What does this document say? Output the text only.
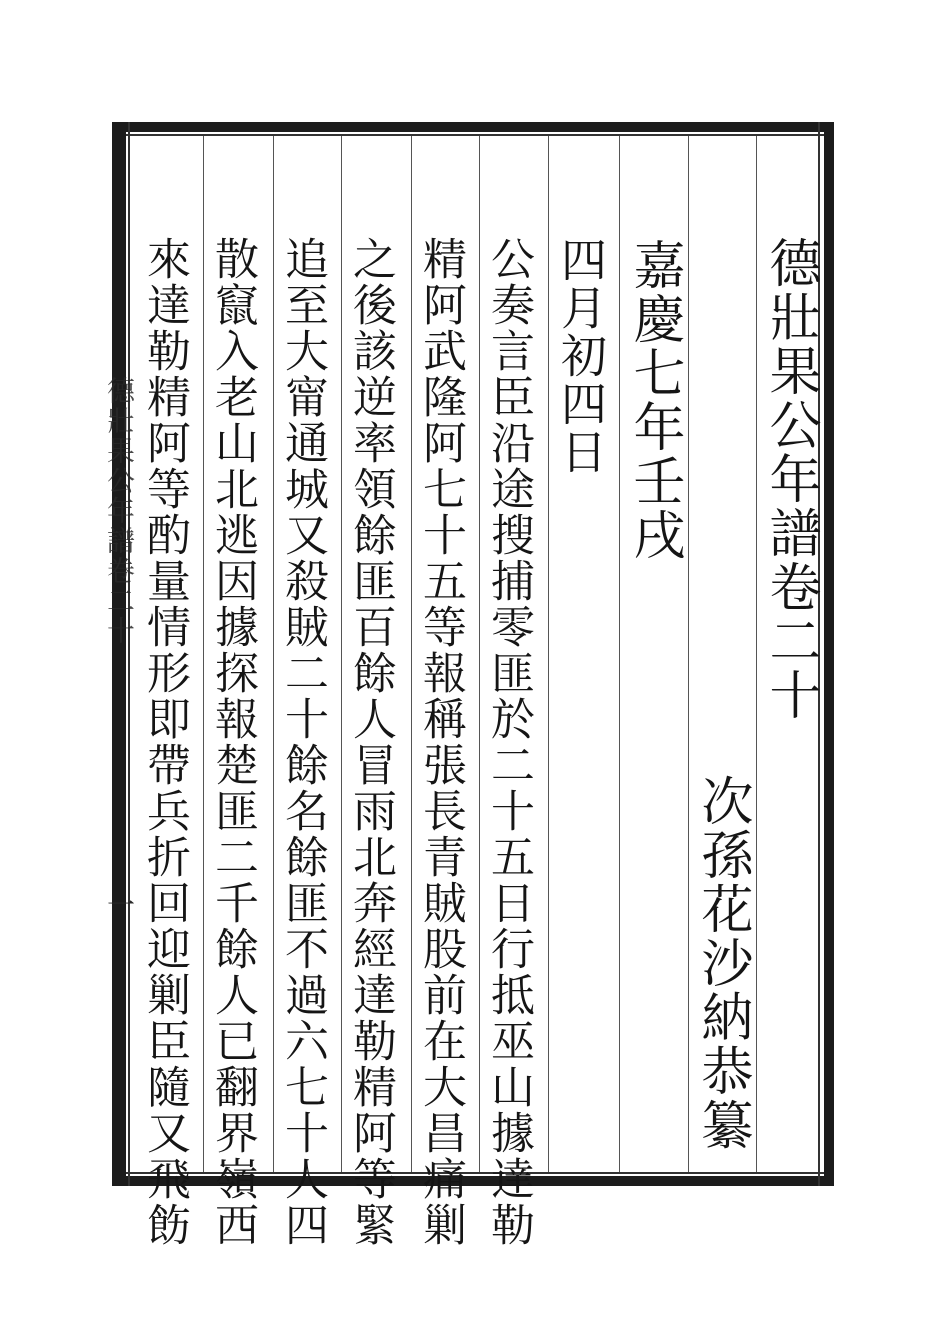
德壯果公年譜卷二十
一
德壯果公年譜卷二十
次孫花沙納恭纂
嘉慶七年壬戌
四月初四日
公奏言臣沿途搜捕零匪於二十五日行抵巫山據達勒
精阿武隆阿七十五等報稱張長青賊股前在大昌痛剿
之後該逆率領餘匪百餘人冒雨北奔經達勒精阿等緊
追至大甯通城又殺賊二十餘名餘匪不過六七十人四
散竄入老山北逃因據探報楚匪二千餘人已翻界嶺西
來達勒精阿等酌量情形即帶兵折回迎剿臣隨又飛飭
